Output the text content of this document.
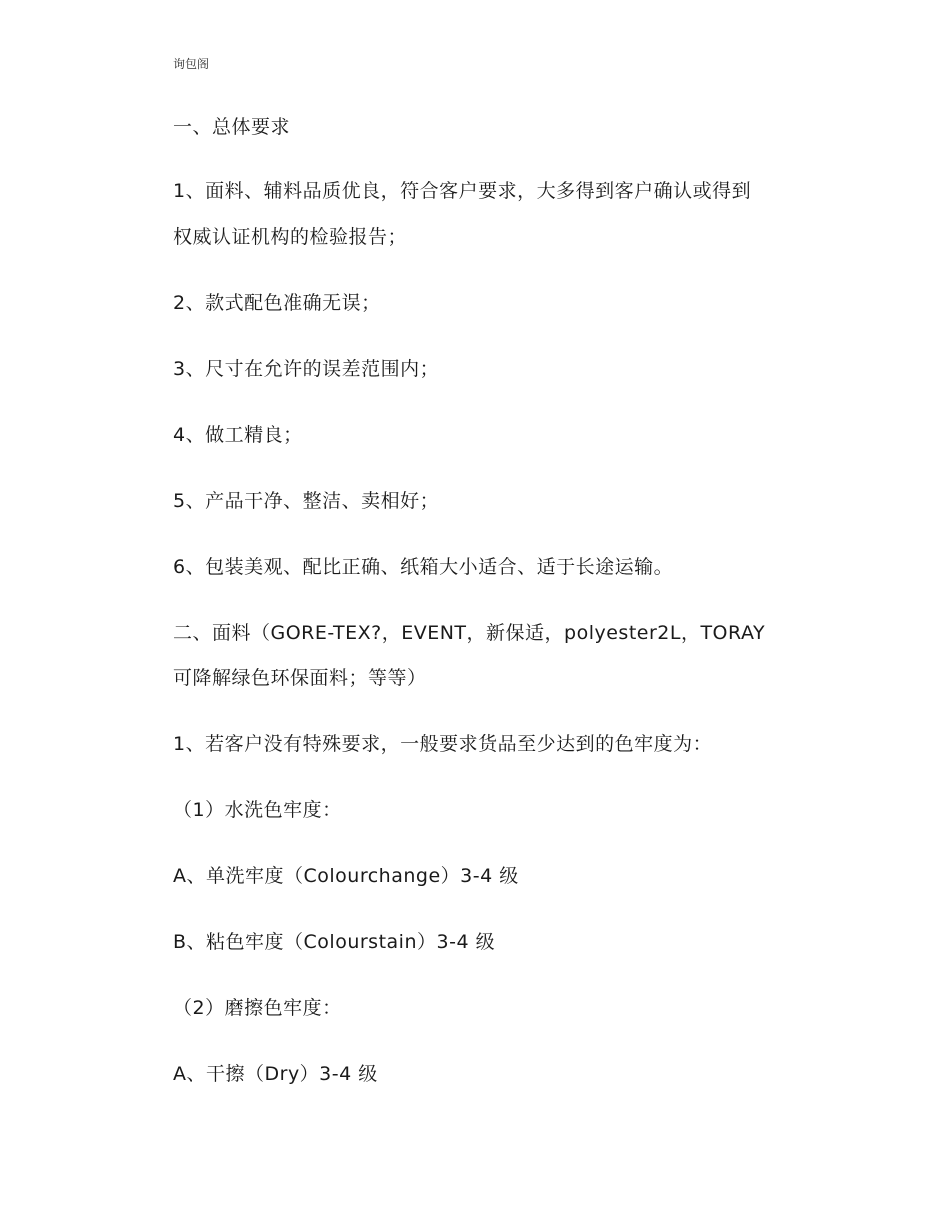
询包阁
一、总体要求
1、面料、辅料品质优良，符合客户要求，大多得到客户确认或得到
权威认证机构的检验报告；
2、款式配色准确无误；
3、尺寸在允许的误差范围内；
4、做工精良；
5、产品干净、整洁、卖相好；
6、包装美观、配比正确、纸箱大小适合、适于长途运输。
二、面料（GORE-TEX?，EVENT，新保适，polyester2L，TORAY
可降解绿色环保面料；等等）
1、若客户没有特殊要求，一般要求货品至少达到的色牢度为：
（1）水洗色牢度：
A、单洗牢度（Colourchange）3-4 级
B、粘色牢度（Colourstain）3-4 级
（2）磨擦色牢度：
A、干擦（Dry）3-4 级
